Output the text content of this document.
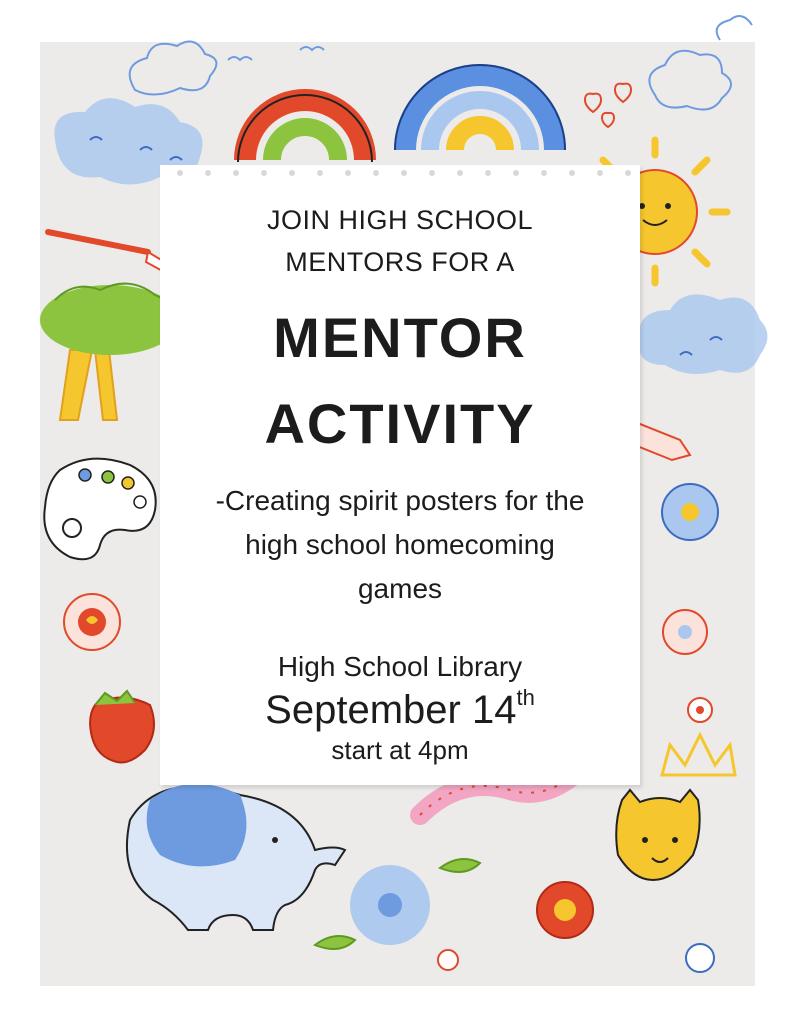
JOIN HIGH SCHOOL
MENTORS FOR A
MENTOR
ACTIVITY
-Creating spirit posters for the
high school homecoming
games
High School Library
September 14th
start at 4pm
